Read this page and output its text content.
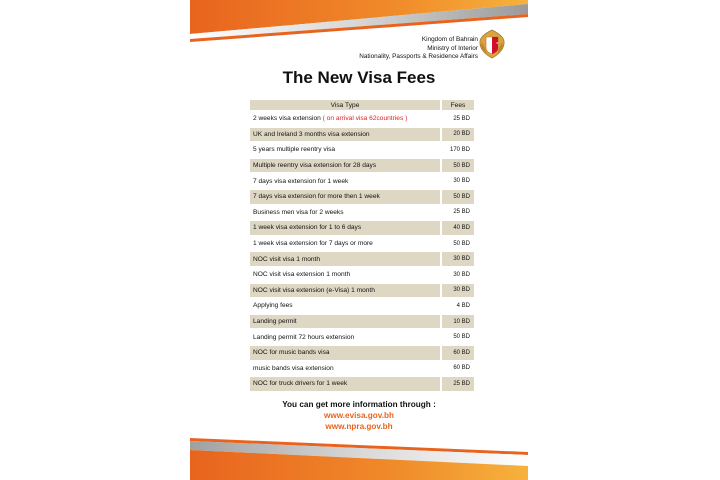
Kingdom of Bahrain
Ministry of Interior
Nationality, Passports & Residence Affairs
The New Visa Fees
Visa Type	Fees
2 weeks visa extension ( on arrival visa 62countries )	25 BD
UK and Ireland 3 months visa extension	20 BD
5 years multiple reentry visa	170 BD
Multiple reentry visa extension for 28 days	50 BD
7 days visa extension for 1 week	30 BD
7 days visa extension for more then 1 week	50 BD
Business men visa for 2 weeks	25 BD
1 week visa extension for 1 to 6 days	40 BD
1 week visa extension for 7 days or more	50 BD
NOC visit visa 1 month	30 BD
NOC visit visa extension 1 month	30 BD
NOC visit visa extension (e-Visa) 1 month	30 BD
Applying fees	4 BD
Landing permit	10 BD
Landing permit 72 hours extension	50 BD
NOC for music bands visa	60 BD
music bands visa extension	60 BD
NOC for truck drivers for 1 week	25 BD
You can get more information through :
www.evisa.gov.bh
www.npra.gov.bh
